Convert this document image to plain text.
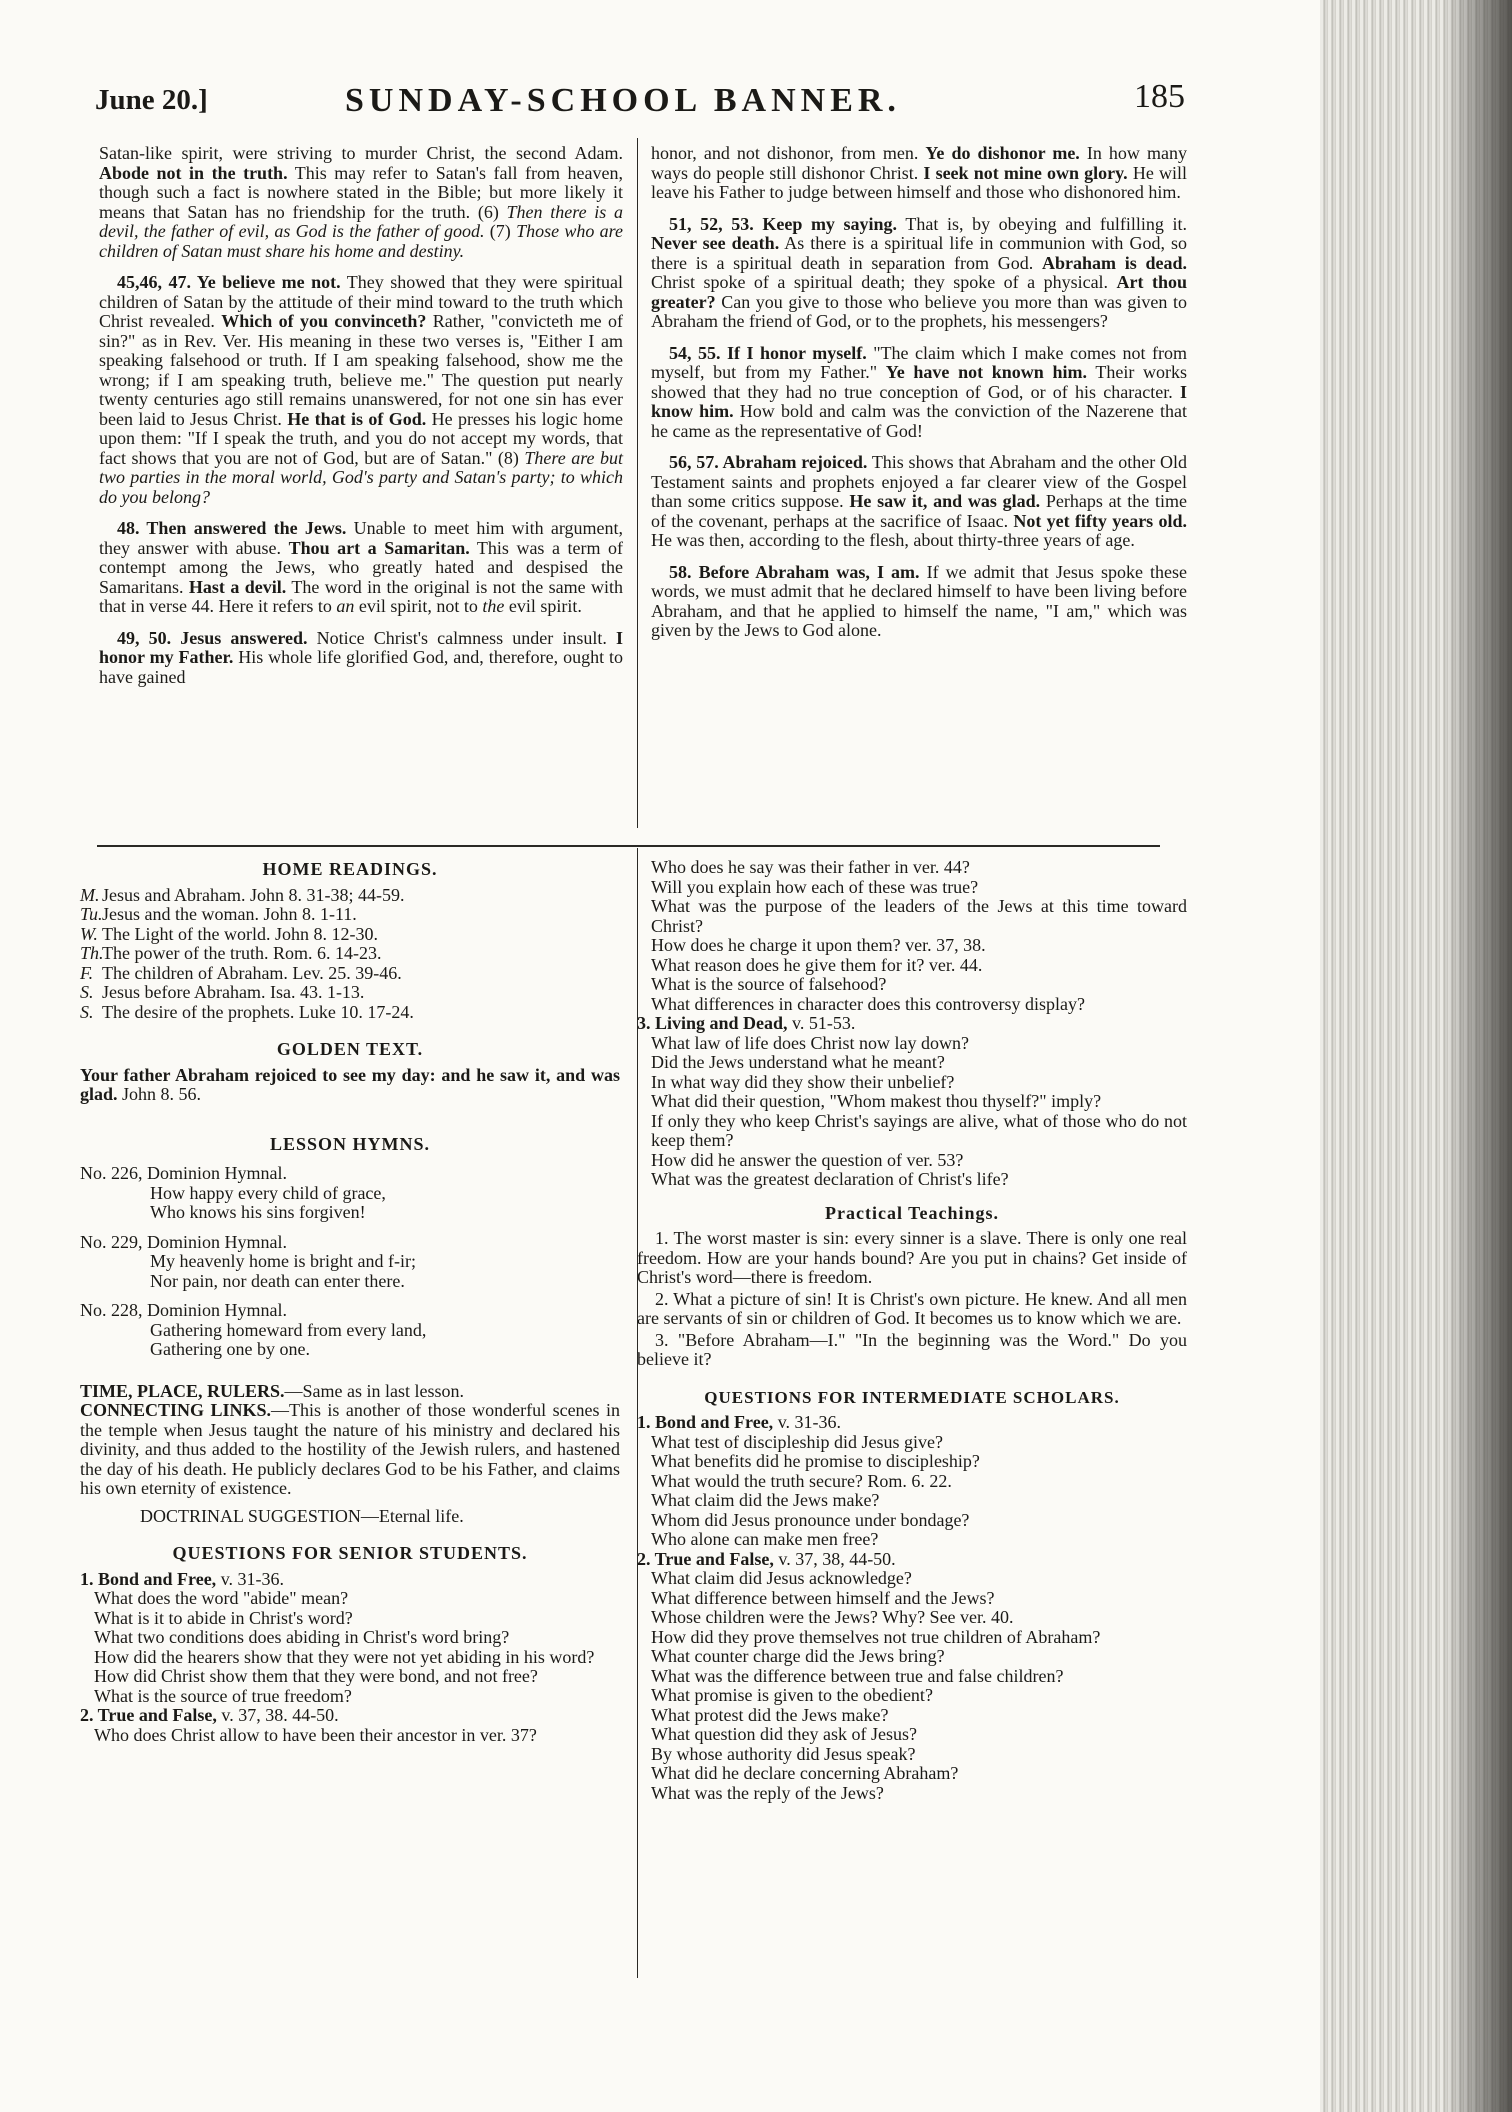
June 20.]	SUNDAY-SCHOOL BANNER.	185

Satan-like spirit, were striving to murder Christ, the second Adam. Abode not in the truth. This may refer to Satan's fall from heaven, though such a fact is nowhere stated in the Bible; but more likely it means that Satan has no friendship for the truth. (6) Then there is a devil, the father of evil, as God is the father of good. (7) Those who are children of Satan must share his home and destiny.

45,46, 47. Ye believe me not. They showed that they were spiritual children of Satan by the attitude of their mind toward to the truth which Christ revealed. Which of you convinceth? Rather, "convicteth me of sin?" as in Rev. Ver. His meaning in these two verses is, "Either I am speaking falsehood or truth. If I am speaking falsehood, show me the wrong; if I am speaking truth, believe me." The question put nearly twenty centuries ago still remains unanswered, for not one sin has ever been laid to Jesus Christ. He that is of God. He presses his logic home upon them: "If I speak the truth, and you do not accept my words, that fact shows that you are not of God, but are of Satan." (8) There are but two parties in the moral world, God's party and Satan's party; to which do you belong?

48. Then answered the Jews. Unable to meet him with argument, they answer with abuse. Thou art a Samaritan. This was a term of contempt among the Jews, who greatly hated and despised the Samaritans. Hast a devil. The word in the original is not the same with that in verse 44. Here it refers to an evil spirit, not to the evil spirit.

49, 50. Jesus answered. Notice Christ's calmness under insult. I honor my Father. His whole life glorified God, and, therefore, ought to have gained

honor, and not dishonor, from men. Ye do dishonor me. In how many ways do people still dishonor Christ. I seek not mine own glory. He will leave his Father to judge between himself and those who dishonored him.

51, 52, 53. Keep my saying. That is, by obeying and fulfilling it. Never see death. As there is a spiritual life in communion with God, so there is a spiritual death in separation from God. Abraham is dead. Christ spoke of a spiritual death; they spoke of a physical. Art thou greater? Can you give to those who believe you more than was given to Abraham the friend of God, or to the prophets, his messengers?

54, 55. If I honor myself. "The claim which I make comes not from myself, but from my Father." Ye have not known him. Their works showed that they had no true conception of God, or of his character. I know him. How bold and calm was the conviction of the Nazerene that he came as the representative of God!

56, 57. Abraham rejoiced. This shows that Abraham and the other Old Testament saints and prophets enjoyed a far clearer view of the Gospel than some critics suppose. He saw it, and was glad. Perhaps at the time of the covenant, perhaps at the sacrifice of Isaac. Not yet fifty years old. He was then, according to the flesh, about thirty-three years of age.

58. Before Abraham was, I am. If we admit that Jesus spoke these words, we must admit that he declared himself to have been living before Abraham, and that he applied to himself the name, "I am," which was given by the Jews to God alone.

HOME READINGS.
M. Jesus and Abraham. John 8. 31-38; 44-59.
Tu.Jesus and the woman. John 8. 1-11.
W. The Light of the world. John 8. 12-30.
Th.The power of the truth. Rom. 6. 14-23.
F. The children of Abraham. Lev. 25. 39-46.
S. Jesus before Abraham. Isa. 43. 1-13.
S. The desire of the prophets. Luke 10. 17-24.
GOLDEN TEXT.

Your father Abraham rejoiced to see my day: and he saw it, and was glad. John 8. 56.

LESSON HYMNS.
No. 226, Dominion Hymnal.
How happy every child of grace,
Who knows his sins forgiven!
No. 229, Dominion Hymnal.
My heavenly home is bright and f-ir;
Nor pain, nor death can enter there.
No. 228, Dominion Hymnal.
Gathering homeward from every land,
Gathering one by one.

TIME, PLACE, RULERS.—Same as in last lesson.

CONNECTING LINKS.—This is another of those wonderful scenes in the temple when Jesus taught the nature of his ministry and declared his divinity, and thus added to the hostility of the Jewish rulers, and hastened the day of his death. He publicly declares God to be his Father, and claims his own eternity of existence.

DOCTRINAL SUGGESTION—Eternal life.

QUESTIONS FOR SENIOR STUDENTS.
1. Bond and Free, v. 31-36.
What does the word "abide" mean?
What is it to abide in Christ's word?
What two conditions does abiding in Christ's word bring?
How did the hearers show that they were not yet abiding in his word?
How did Christ show them that they were bond, and not free?
What is the source of true freedom?
2. True and False, v. 37, 38. 44-50.
Who does Christ allow to have been their ancestor in ver. 37?
Who does he say was their father in ver. 44?
Will you explain how each of these was true?
What was the purpose of the leaders of the Jews at this time toward Christ?
How does he charge it upon them? ver. 37, 38.
What reason does he give them for it? ver. 44.
What is the source of falsehood?
What differences in character does this controversy display?
3. Living and Dead, v. 51-53.
What law of life does Christ now lay down?
Did the Jews understand what he meant?
In what way did they show their unbelief?
What did their question, "Whom makest thou thyself?" imply?
If only they who keep Christ's sayings are alive, what of those who do not keep them?
How did he answer the question of ver. 53?
What was the greatest declaration of Christ's life?
Practical Teachings.

1. The worst master is sin: every sinner is a slave. There is only one real freedom. How are your hands bound? Are you put in chains? Get inside of Christ's word—there is freedom.

2. What a picture of sin! It is Christ's own picture. He knew. And all men are servants of sin or children of God. It becomes us to know which we are.

3. "Before Abraham—I." "In the beginning was the Word." Do you believe it?

QUESTIONS FOR INTERMEDIATE SCHOLARS.
1. Bond and Free, v. 31-36.
What test of discipleship did Jesus give?
What benefits did he promise to discipleship?
What would the truth secure? Rom. 6. 22.
What claim did the Jews make?
Whom did Jesus pronounce under bondage?
Who alone can make men free?
2. True and False, v. 37, 38, 44-50.
What claim did Jesus acknowledge?
What difference between himself and the Jews?
Whose children were the Jews? Why? See ver. 40.
How did they prove themselves not true children of Abraham?
What counter charge did the Jews bring?
What was the difference between true and false children?
What promise is given to the obedient?
What protest did the Jews make?
What question did they ask of Jesus?
By whose authority did Jesus speak?
What did he declare concerning Abraham?
What was the reply of the Jews?
